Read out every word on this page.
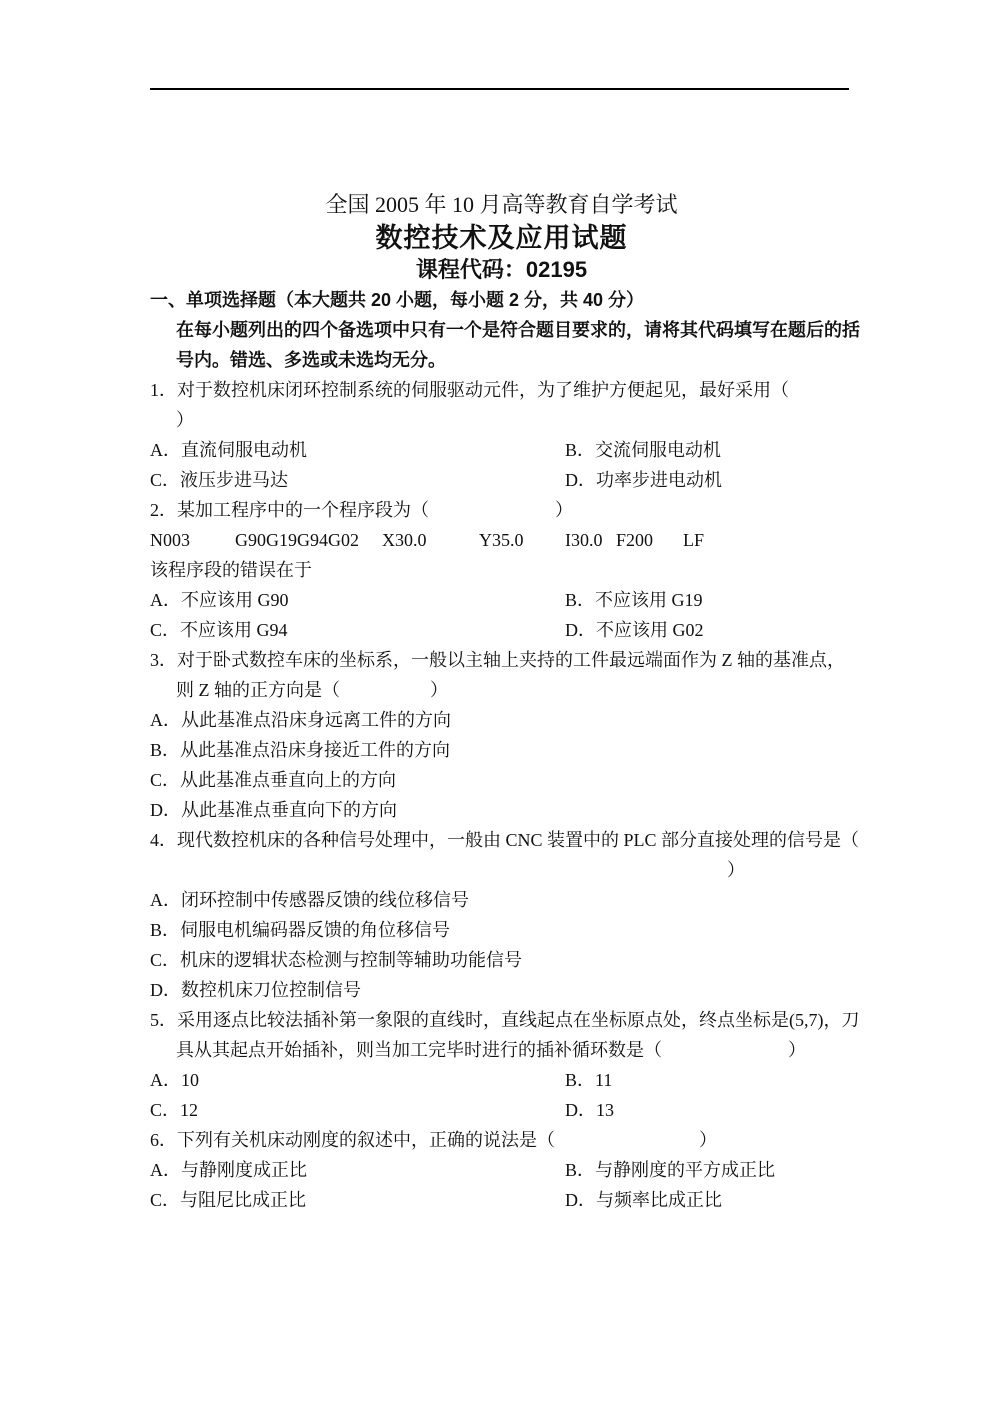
全国 2005 年 10 月高等教育自学考试
数控技术及应用试题
课程代码：02195
一、单项选择题（本大题共 20 小题，每小题 2 分，共 40 分）
在每小题列出的四个备选项中只有一个是符合题目要求的，请将其代码填写在题后的括
号内。错选、多选或未选均无分。
1．对于数控机床闭环控制系统的伺服驱动元件，为了维护方便起见，最好采用（
）
A．直流伺服电动机	B．交流伺服电动机
C．液压步进马达	D．功率步进电动机
2．某加工程序中的一个程序段为（　　　　　　　）
N003	G90G19G94G02 X30.0	Y35.0 I30.0 F200 LF
该程序段的错误在于
A．不应该用 G90	B．不应该用 G19
C．不应该用 G94	D．不应该用 G02
3．对于卧式数控车床的坐标系，一般以主轴上夹持的工件最远端面作为 Z 轴的基准点，
则 Z 轴的正方向是（　　　　　）
A．从此基准点沿床身远离工件的方向
B．从此基准点沿床身接近工件的方向
C．从此基准点垂直向上的方向
D．从此基准点垂直向下的方向
4．现代数控机床的各种信号处理中，一般由 CNC 装置中的 PLC 部分直接处理的信号是（
）
A．闭环控制中传感器反馈的线位移信号
B．伺服电机编码器反馈的角位移信号
C．机床的逻辑状态检测与控制等辅助功能信号
D．数控机床刀位控制信号
5．采用逐点比较法插补第一象限的直线时，直线起点在坐标原点处，终点坐标是(5,7)，刀
具从其起点开始插补，则当加工完毕时进行的插补循环数是（　　　　　　　）
A．10	B．11
C．12	D．13
6．下列有关机床动刚度的叙述中，正确的说法是（　　　　　　　　）
A．与静刚度成正比	B．与静刚度的平方成正比
C．与阻尼比成正比	D．与频率比成正比
